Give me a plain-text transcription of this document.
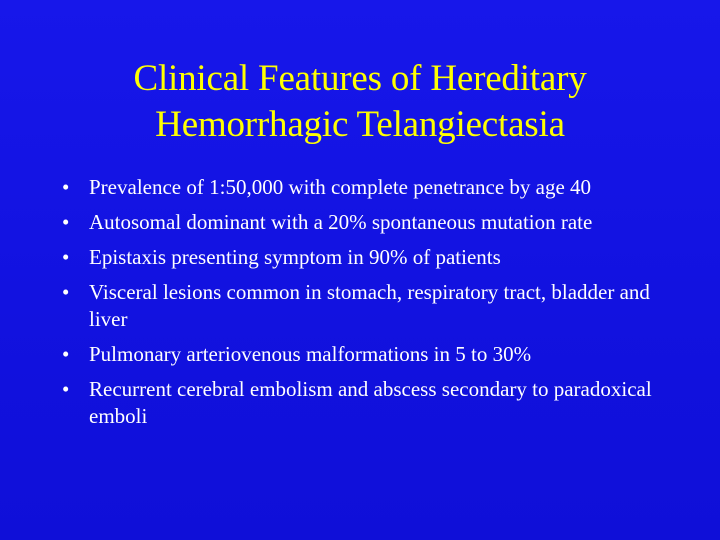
Clinical Features of Hereditary
Hemorrhagic Telangiectasia
• Prevalence of 1:50,000 with complete penetrance by age 40
• Autosomal dominant with a 20% spontaneous mutation rate
• Epistaxis presenting symptom in 90% of patients
• Visceral lesions common in stomach, respiratory tract, bladder and liver
• Pulmonary arteriovenous malformations in 5 to 30%
• Recurrent cerebral embolism and abscess secondary to paradoxical emboli
